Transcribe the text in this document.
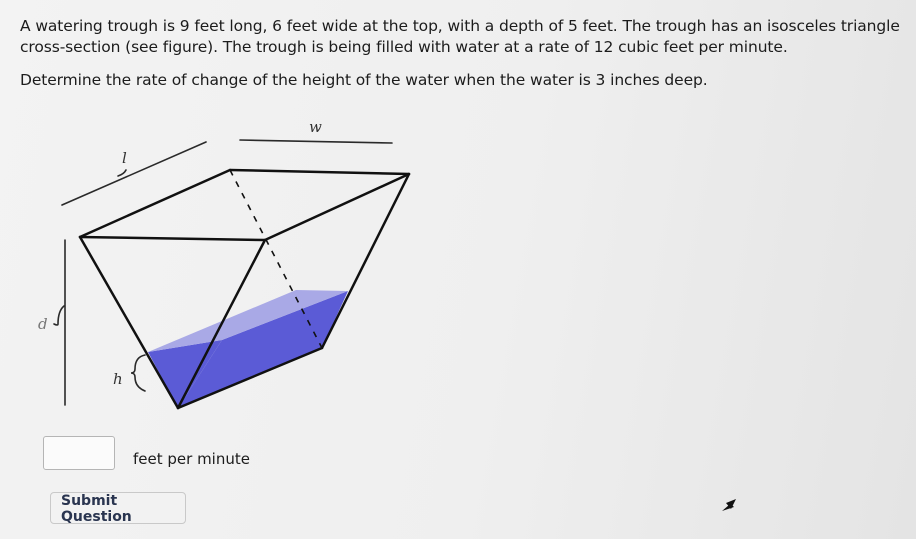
A watering trough is 9 feet long, 6 feet wide at the top, with a depth of 5 feet. The trough has an isosceles triangle cross-section (see figure). The trough is being filled with water at a rate of 12 cubic feet per minute.

Determine the rate of change of the height of the water when the water is 3 inches deep.

l
w
d
h
feet per minute
Submit Question
